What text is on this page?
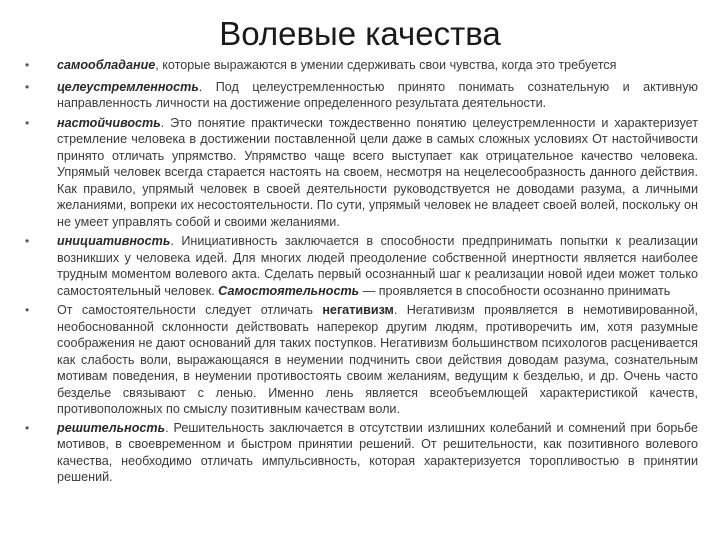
Волевые качества
• самообладание, которые выражаются в умении сдерживать свои чувства, когда это требуется

• целеустремленность. Под целеустремленностью принято понимать сознательную и активную направленность личности на достижение определенного результата деятельности.

• настойчивость. Это понятие практически тождественно понятию целеустремленности и характеризует стремление человека в достижении поставленной цели даже в самых сложных условиях От настойчивости принято отличать упрямство. Упрямство чаще всего выступает как отрицательное качество человека. Упрямый человек всегда старается настоять на своем, несмотря на нецелесообразность данного действия. Как правило, упрямый человек в своей деятельности руководствуется не доводами разума, а личными желаниями, вопреки их несостоятельности. По сути, упрямый человек не владеет своей волей, поскольку он не умеет управлять собой и своими желаниями.

• инициативность. Инициативность заключается в способности предпринимать попытки к реализации возникших у человека идей. Для многих людей преодоление собственной инертности является наиболее трудным моментом волевого акта. Сделать первый осознанный шаг к реализации новой идеи может только самостоятельный человек. Самостоятельность — проявляется в способности осознанно принимать

• От самостоятельности следует отличать негативизм. Негативизм проявляется в немотивированной, необоснованной склонности действовать наперекор другим людям, противоречить им, хотя разумные соображения не дают оснований для таких поступков. Негативизм большинством психологов расценивается как слабость воли, выражающаяся в неумении подчинить свои действия доводам разума, сознательным мотивам поведения, в неумении противостоять своим желаниям, ведущим к безделью, и др. Очень часто безделье связывают с ленью. Именно лень является всеобъемлющей характеристикой качеств, противоположных по смыслу позитивным качествам воли.

• решительность. Решительность заключается в отсутствии излишних колебаний и сомнений при борьбе мотивов, в своевременном и быстром принятии решений. От решительности, как позитивного волевого качества, необходимо отличать импульсивность, которая характеризуется торопливостью в принятии решений.
